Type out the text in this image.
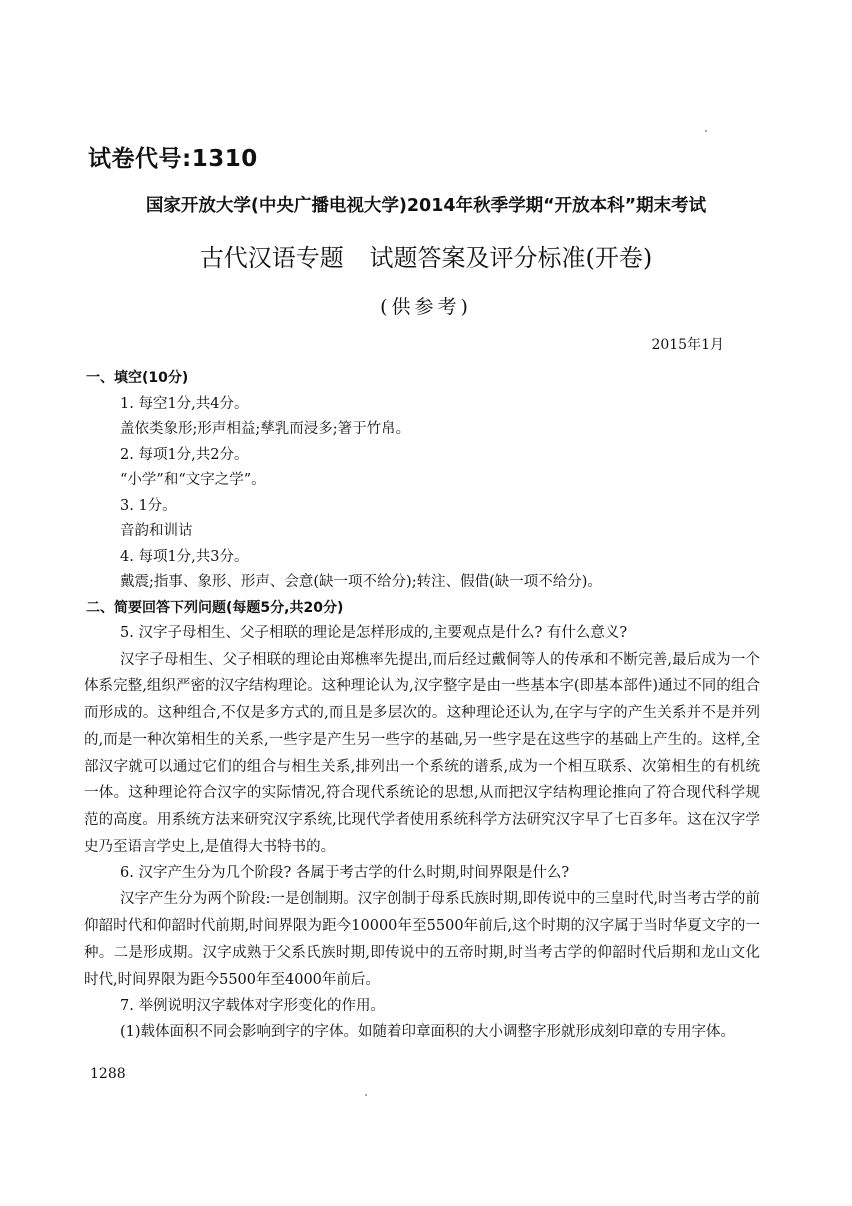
试卷代号:1310
国家开放大学(中央广播电视大学)2014年秋季学期“开放本科”期末考试
古代汉语专题 试题答案及评分标准(开卷)
(供参考)
2015年1月
一、填空(10分)
1. 每空1分,共4分。
盖依类象形;形声相益;孳乳而浸多;箸于竹帛。
2. 每项1分,共2分。
“小学”和“文字之学”。
3. 1分。
音韵和训诂
4. 每项1分,共3分。
戴震;指事、象形、形声、会意(缺一项不给分);转注、假借(缺一项不给分)。
二、简要回答下列问题(每题5分,共20分)
5. 汉字子母相生、父子相联的理论是怎样形成的,主要观点是什么? 有什么意义?

汉字子母相生、父子相联的理论由郑樵率先提出,而后经过戴侗等人的传承和不断完善,最后成为一个体系完整,组织严密的汉字结构理论。这种理论认为,汉字整字是由一些基本字(即基本部件)通过不同的组合而形成的。这种组合,不仅是多方式的,而且是多层次的。这种理论还认为,在字与字的产生关系并不是并列的,而是一种次第相生的关系,一些字是产生另一些字的基础,另一些字是在这些字的基础上产生的。这样,全部汉字就可以通过它们的组合与相生关系,排列出一个系统的谱系,成为一个相互联系、次第相生的有机统一体。这种理论符合汉字的实际情况,符合现代系统论的思想,从而把汉字结构理论推向了符合现代科学规范的高度。用系统方法来研究汉字系统,比现代学者使用系统科学方法研究汉字早了七百多年。这在汉字学史乃至语言学史上,是值得大书特书的。

6. 汉字产生分为几个阶段? 各属于考古学的什么时期,时间界限是什么?

汉字产生分为两个阶段:一是创制期。汉字创制于母系氏族时期,即传说中的三皇时代,时当考古学的前仰韶时代和仰韶时代前期,时间界限为距今10000年至5500年前后,这个时期的汉字属于当时华夏文字的一种。二是形成期。汉字成熟于父系氏族时期,即传说中的五帝时期,时当考古学的仰韶时代后期和龙山文化时代,时间界限为距今5500年至4000年前后。

7. 举例说明汉字载体对字形变化的作用。

(1)载体面积不同会影响到字的字体。如随着印章面积的大小调整字形就形成刻印章的专用字体。

1288
